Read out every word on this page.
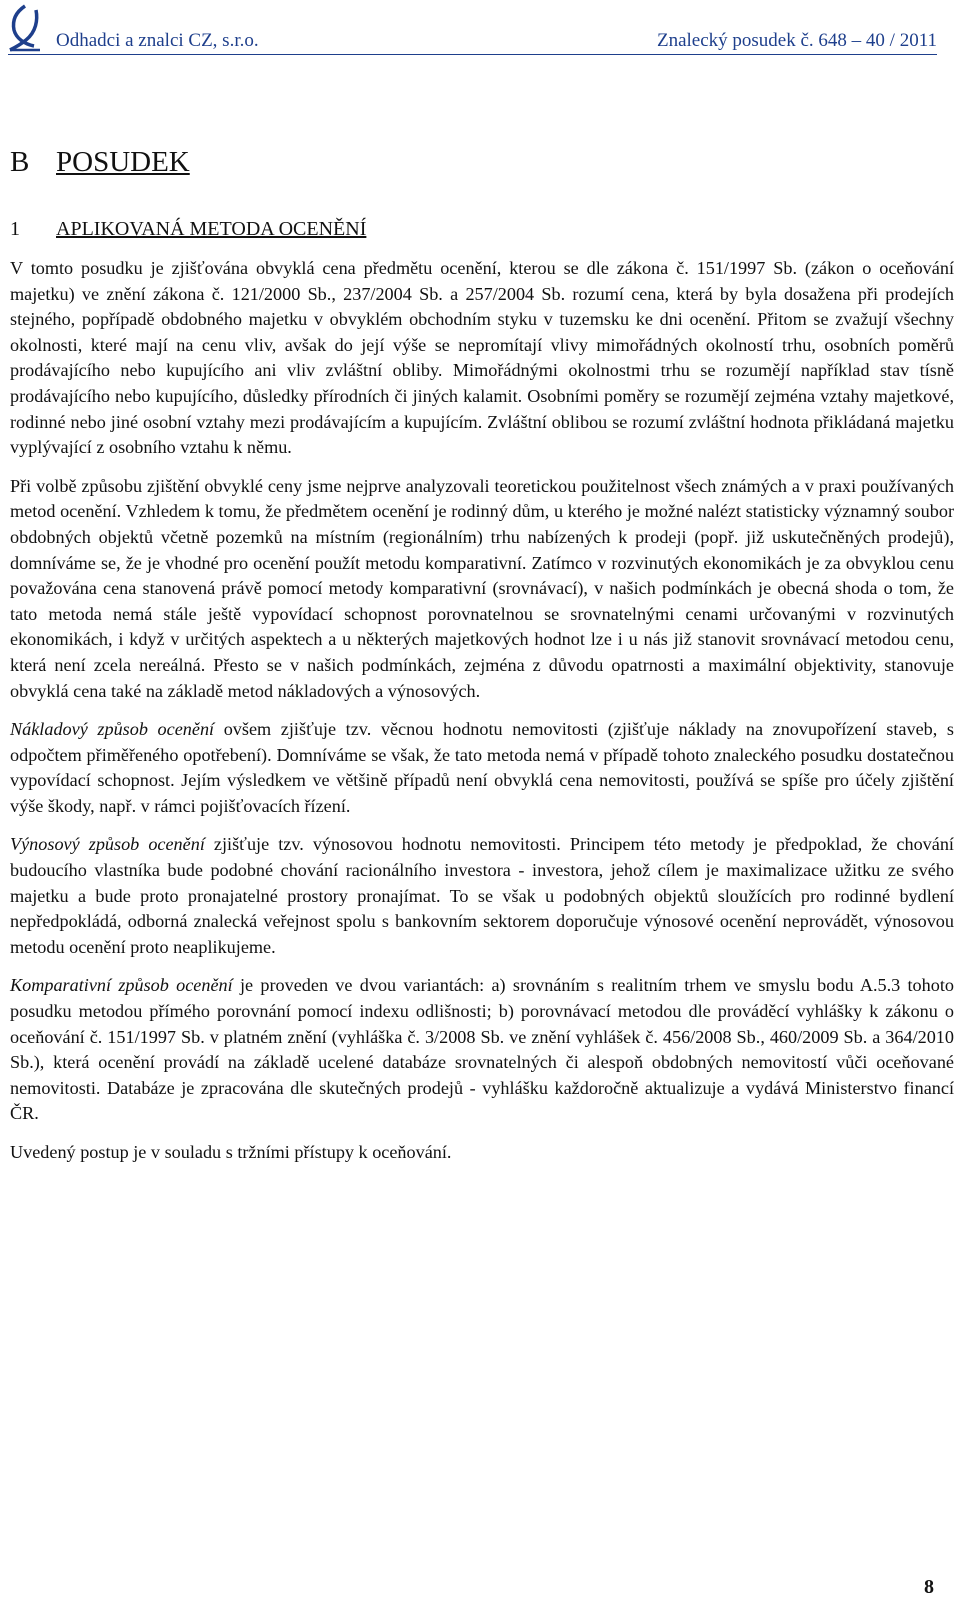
Odhadci a znalci CZ, s.r.o.	Znalecký posudek č. 648 – 40 / 2011
B POSUDEK
1 APLIKOVANÁ METODA OCENĚNÍ

V tomto posudku je zjišťována obvyklá cena předmětu ocenění, kterou se dle zákona č. 151/1997 Sb. (zákon o oceňování majetku) ve znění zákona č. 121/2000 Sb., 237/2004 Sb. a 257/2004 Sb. rozumí cena, která by byla dosažena při prodejích stejného, popřípadě obdobného majetku v obvyklém obchodním styku v tuzemsku ke dni ocenění. Přitom se zvažují všechny okolnosti, které mají na cenu vliv, avšak do její výše se nepromítají vlivy mimořádných okolností trhu, osobních poměrů prodávajícího nebo kupujícího ani vliv zvláštní obliby. Mimořádnými okolnostmi trhu se rozumějí například stav tísně prodávajícího nebo kupujícího, důsledky přírodních či jiných kalamit. Osobními poměry se rozumějí zejména vztahy majetkové, rodinné nebo jiné osobní vztahy mezi prodávajícím a kupujícím. Zvláštní oblibou se rozumí zvláštní hodnota přikládaná majetku vyplývající z osobního vztahu k němu.

Při volbě způsobu zjištění obvyklé ceny jsme nejprve analyzovali teoretickou použitelnost všech známých a v praxi používaných metod ocenění. Vzhledem k tomu, že předmětem ocenění je rodinný dům, u kterého je možné nalézt statisticky významný soubor obdobných objektů včetně pozemků na místním (regionálním) trhu nabízených k prodeji (popř. již uskutečněných prodejů), domníváme se, že je vhodné pro ocenění použít metodu komparativní. Zatímco v rozvinutých ekonomikách je za obvyklou cenu považována cena stanovená právě pomocí metody komparativní (srovnávací), v našich podmínkách je obecná shoda o tom, že tato metoda nemá stále ještě vypovídací schopnost porovnatelnou se srovnatelnými cenami určovanými v rozvinutých ekonomikách, i když v určitých aspektech a u některých majetkových hodnot lze i u nás již stanovit srovnávací metodou cenu, která není zcela nereálná. Přesto se v našich podmínkách, zejména z důvodu opatrnosti a maximální objektivity, stanovuje obvyklá cena také na základě metod nákladových a výnosových.

Nákladový způsob ocenění ovšem zjišťuje tzv. věcnou hodnotu nemovitosti (zjišťuje náklady na znovupořízení staveb, s odpočtem přiměřeného opotřebení). Domníváme se však, že tato metoda nemá v případě tohoto znaleckého posudku dostatečnou vypovídací schopnost. Jejím výsledkem ve většině případů není obvyklá cena nemovitosti, používá se spíše pro účely zjištění výše škody, např. v rámci pojišťovacích řízení.

Výnosový způsob ocenění zjišťuje tzv. výnosovou hodnotu nemovitosti. Principem této metody je předpoklad, že chování budoucího vlastníka bude podobné chování racionálního investora - investora, jehož cílem je maximalizace užitku ze svého majetku a bude proto pronajatelné prostory pronajímat. To se však u podobných objektů sloužících pro rodinné bydlení nepředpokládá, odborná znalecká veřejnost spolu s bankovním sektorem doporučuje výnosové ocenění neprovádět, výnosovou metodu ocenění proto neaplikujeme.

Komparativní způsob ocenění je proveden ve dvou variantách: a) srovnáním s realitním trhem ve smyslu bodu A.5.3 tohoto posudku metodou přímého porovnání pomocí indexu odlišnosti; b) porovnávací metodou dle prováděcí vyhlášky k zákonu o oceňování č. 151/1997 Sb. v platném znění (vyhláška č. 3/2008 Sb. ve znění vyhlášek č. 456/2008 Sb., 460/2009 Sb. a 364/2010 Sb.), která ocenění provádí na základě ucelené databáze srovnatelných či alespoň obdobných nemovitostí vůči oceňované nemovitosti. Databáze je zpracována dle skutečných prodejů - vyhlášku každoročně aktualizuje a vydává Ministerstvo financí ČR.

Uvedený postup je v souladu s tržními přístupy k oceňování.

8
